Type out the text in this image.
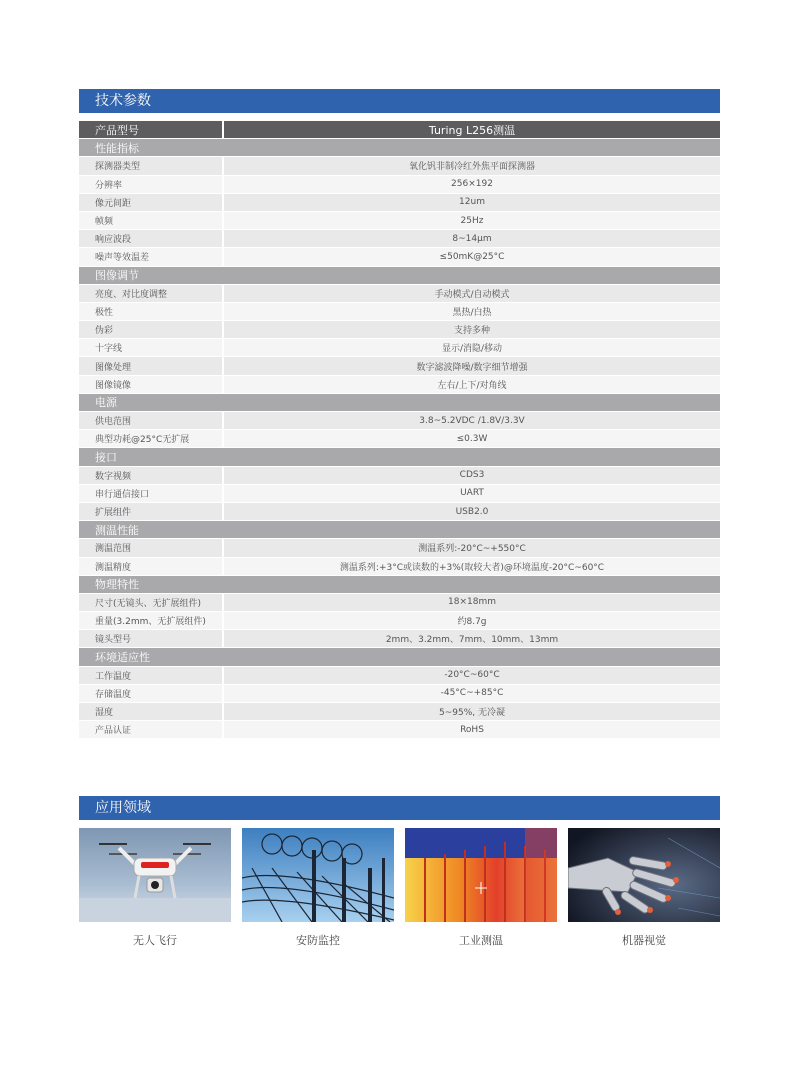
技术参数
产品型号	Turing L256测温
性能指标	
探测器类型	氧化钒非制冷红外焦平面探测器
分辨率	256×192
像元间距	12um
帧频	25Hz
响应波段	8~14μm
噪声等效温差	≤50mK@25°C
图像调节	
亮度、对比度调整	手动模式/自动模式
极性	黑热/白热
伪彩	支持多种
十字线	显示/消隐/移动
图像处理	数字滤波降噪/数字细节增强
图像镜像	左右/上下/对角线
电源	
供电范围	3.8~5.2VDC /1.8V/3.3V
典型功耗@25°C无扩展	≤0.3W
接口	
数字视频	CDS3
串行通信接口	UART
扩展组件	USB2.0
测温性能	
测温范围	测温系列:-20°C~+550°C
测温精度	测温系列:+3°C或读数的+3%(取较大者)@环境温度-20°C~60°C
物理特性	
尺寸(无镜头、无扩展组件)	18×18mm
重量(3.2mm、无扩展组件)	约8.7g
镜头型号	2mm、3.2mm、7mm、10mm、13mm
环境适应性	
工作温度	-20°C~60°C
存储温度	-45°C~+85°C
湿度	5~95%, 无冷凝
产品认证	RoHS
应用领域
无人飞行	安防监控	工业测温	机器视觉
